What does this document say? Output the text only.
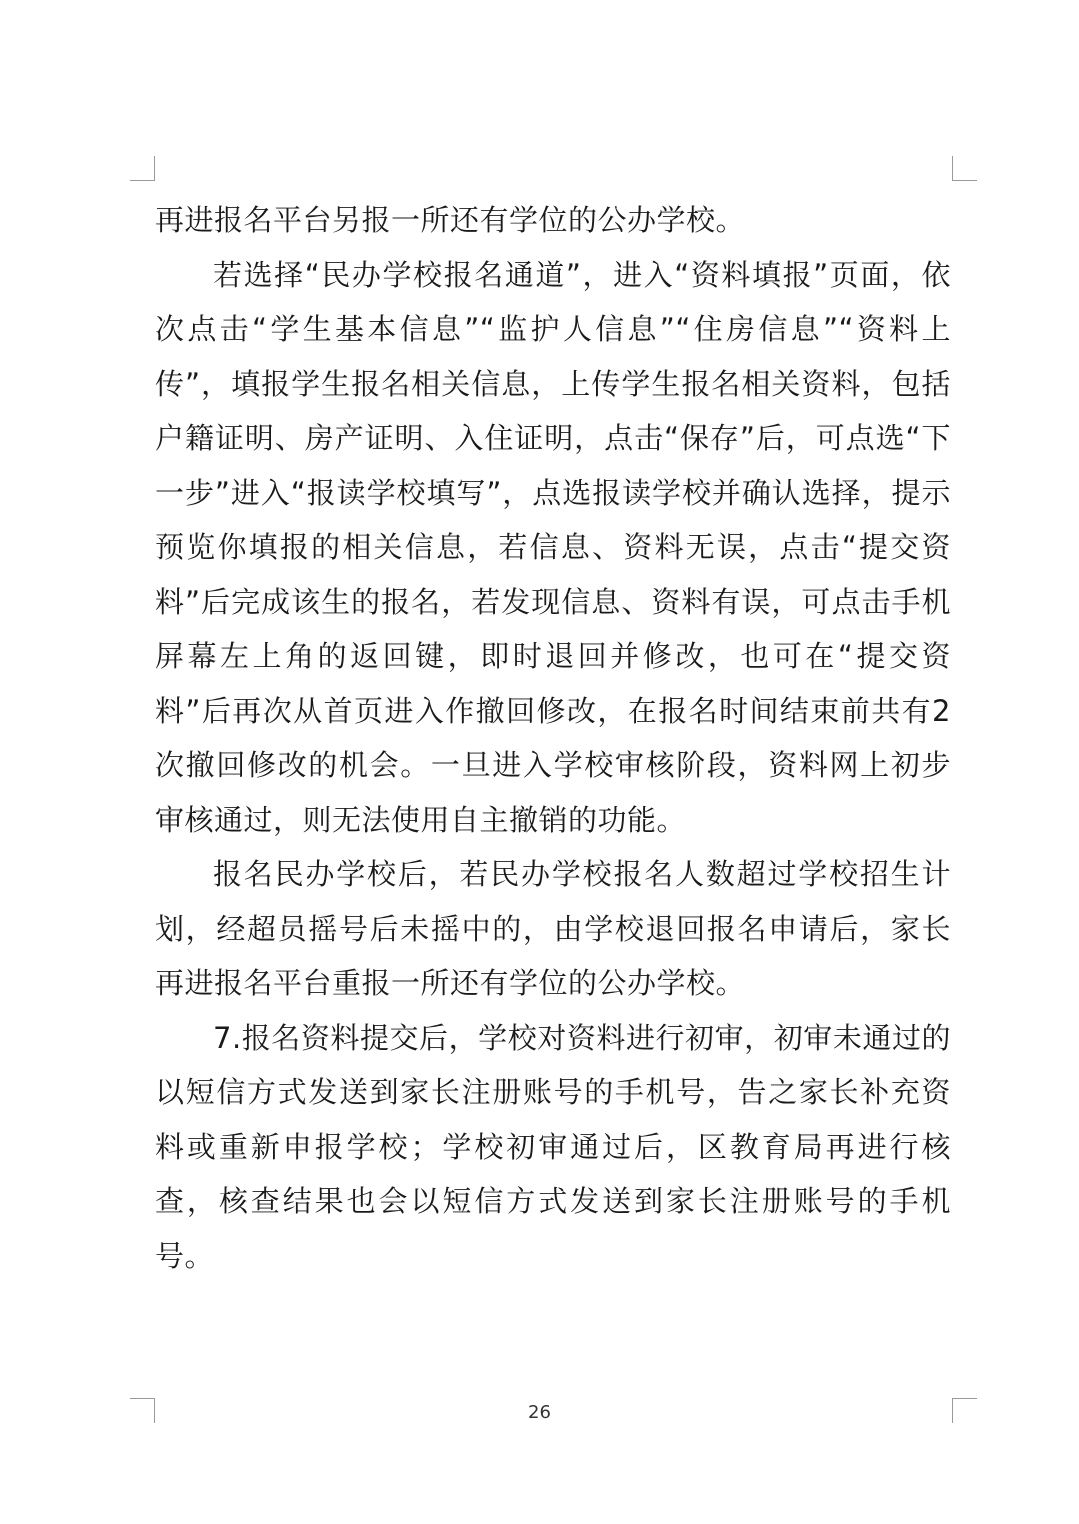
再进报名平台另报一所还有学位的公办学校。

若选择“民办学校报名通道”，进入“资料填报”页面，依次点击“学生基本信息”“监护人信息”“住房信息”“资料上传”，填报学生报名相关信息，上传学生报名相关资料，包括户籍证明、房产证明、入住证明，点击“保存”后，可点选“下一步”进入“报读学校填写”，点选报读学校并确认选择，提示预览你填报的相关信息，若信息、资料无误，点击“提交资料”后完成该生的报名，若发现信息、资料有误，可点击手机屏幕左上角的返回键，即时退回并修改，也可在“提交资料”后再次从首页进入作撤回修改，在报名时间结束前共有2次撤回修改的机会。一旦进入学校审核阶段，资料网上初步审核通过，则无法使用自主撤销的功能。

报名民办学校后，若民办学校报名人数超过学校招生计划，经超员摇号后未摇中的，由学校退回报名申请后，家长再进报名平台重报一所还有学位的公办学校。

7.报名资料提交后，学校对资料进行初审，初审未通过的以短信方式发送到家长注册账号的手机号，告之家长补充资料或重新申报学校；学校初审通过后，区教育局再进行核查，核查结果也会以短信方式发送到家长注册账号的手机号。

26
